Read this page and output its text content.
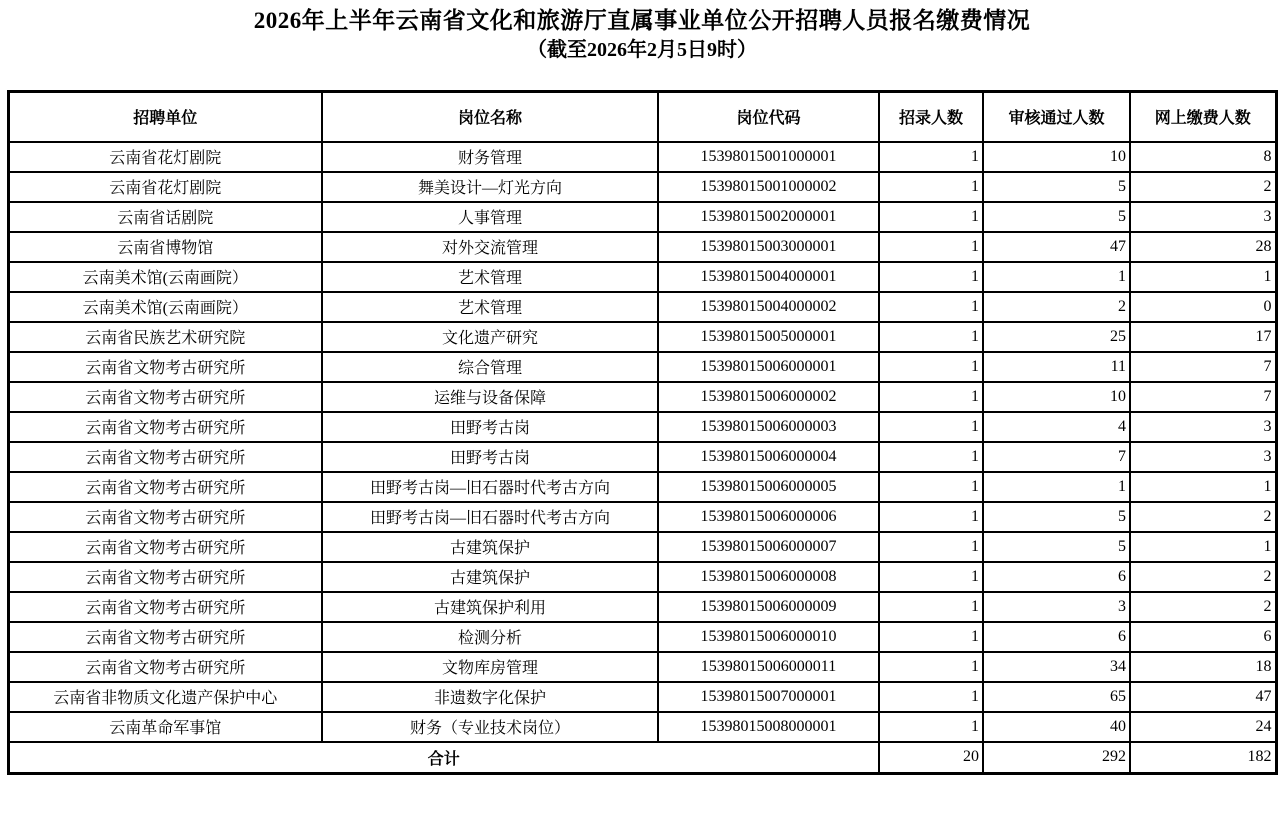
2026年上半年云南省文化和旅游厅直属事业单位公开招聘人员报名缴费情况
（截至2026年2月5日9时）
招聘单位	岗位名称	岗位代码	招录人数	审核通过人数	网上缴费人数
云南省花灯剧院	财务管理	15398015001000001	1	10	8
云南省花灯剧院	舞美设计—灯光方向	15398015001000002	1	5	2
云南省话剧院	人事管理	15398015002000001	1	5	3
云南省博物馆	对外交流管理	15398015003000001	1	47	28
云南美术馆(云南画院）	艺术管理	15398015004000001	1	1	1
云南美术馆(云南画院）	艺术管理	15398015004000002	1	2	0
云南省民族艺术研究院	文化遗产研究	15398015005000001	1	25	17
云南省文物考古研究所	综合管理	15398015006000001	1	11	7
云南省文物考古研究所	运维与设备保障	15398015006000002	1	10	7
云南省文物考古研究所	田野考古岗	15398015006000003	1	4	3
云南省文物考古研究所	田野考古岗	15398015006000004	1	7	3
云南省文物考古研究所	田野考古岗—旧石器时代考古方向	15398015006000005	1	1	1
云南省文物考古研究所	田野考古岗—旧石器时代考古方向	15398015006000006	1	5	2
云南省文物考古研究所	古建筑保护	15398015006000007	1	5	1
云南省文物考古研究所	古建筑保护	15398015006000008	1	6	2
云南省文物考古研究所	古建筑保护利用	15398015006000009	1	3	2
云南省文物考古研究所	检测分析	15398015006000010	1	6	6
云南省文物考古研究所	文物库房管理	15398015006000011	1	34	18
云南省非物质文化遗产保护中心	非遗数字化保护	15398015007000001	1	65	47
云南革命军事馆	财务（专业技术岗位）	15398015008000001	1	40	24
合计			20	292	182
